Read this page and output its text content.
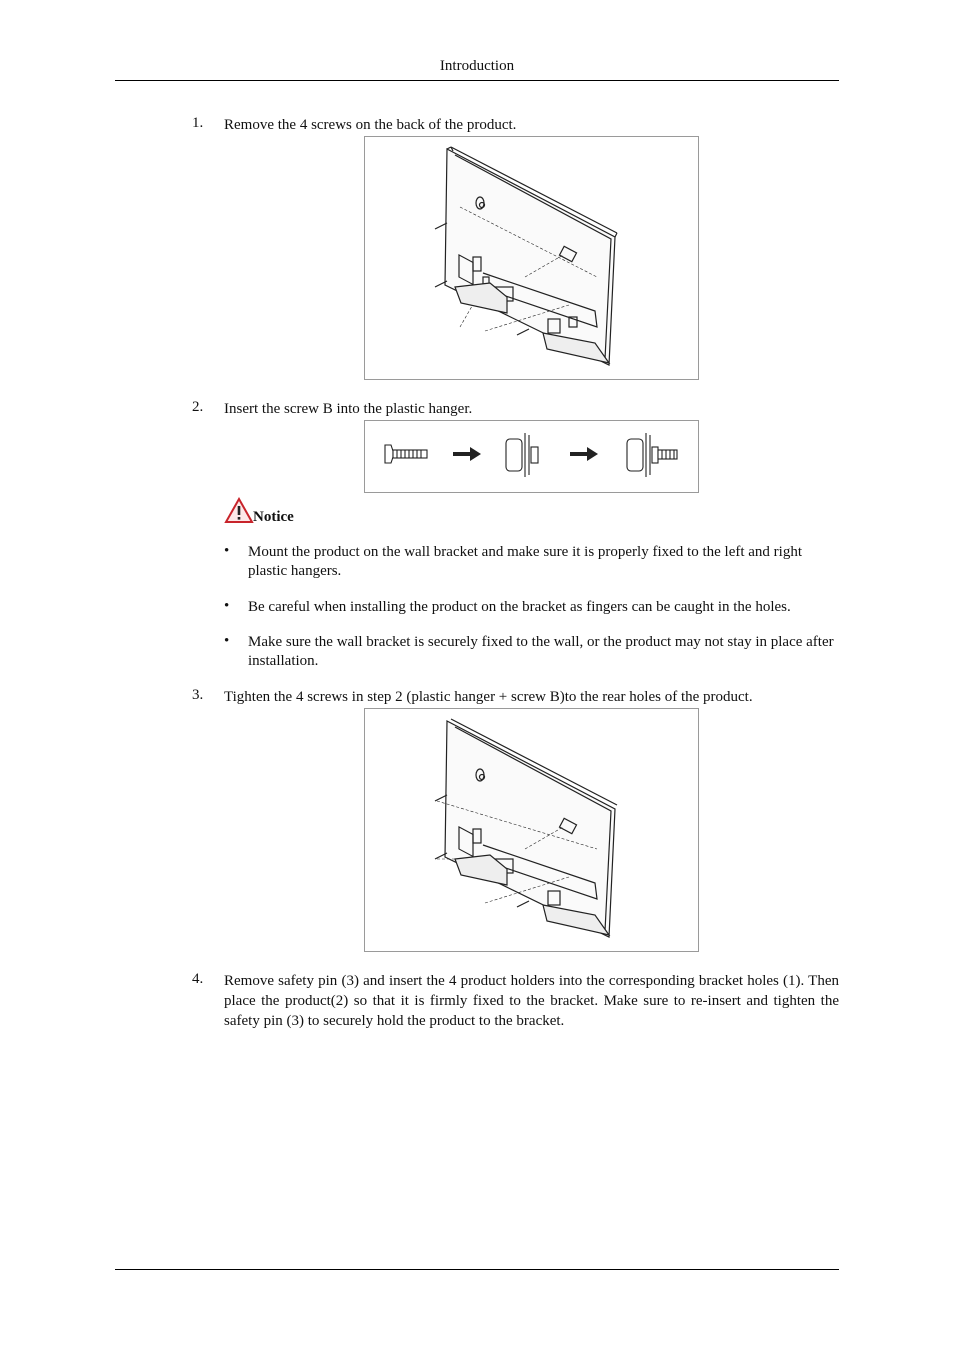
Introduction
1. Remove the 4 screws on the back of the product.
2. Insert the screw B into the plastic hanger.
Notice
• Mount the product on the wall bracket and make sure it is properly fixed to the left and right plastic hangers.
• Be careful when installing the product on the bracket as fingers can be caught in the holes.
• Make sure the wall bracket is securely fixed to the wall, or the product may not stay in place after installation.
3. Tighten the 4 screws in step 2 (plastic hanger + screw B)to the rear holes of the product.
4. Remove safety pin (3) and insert the 4 product holders into the corresponding bracket holes (1). Then place the product(2) so that it is firmly fixed to the bracket. Make sure to re-insert and tighten the safety pin (3) to securely hold the product to the bracket.
